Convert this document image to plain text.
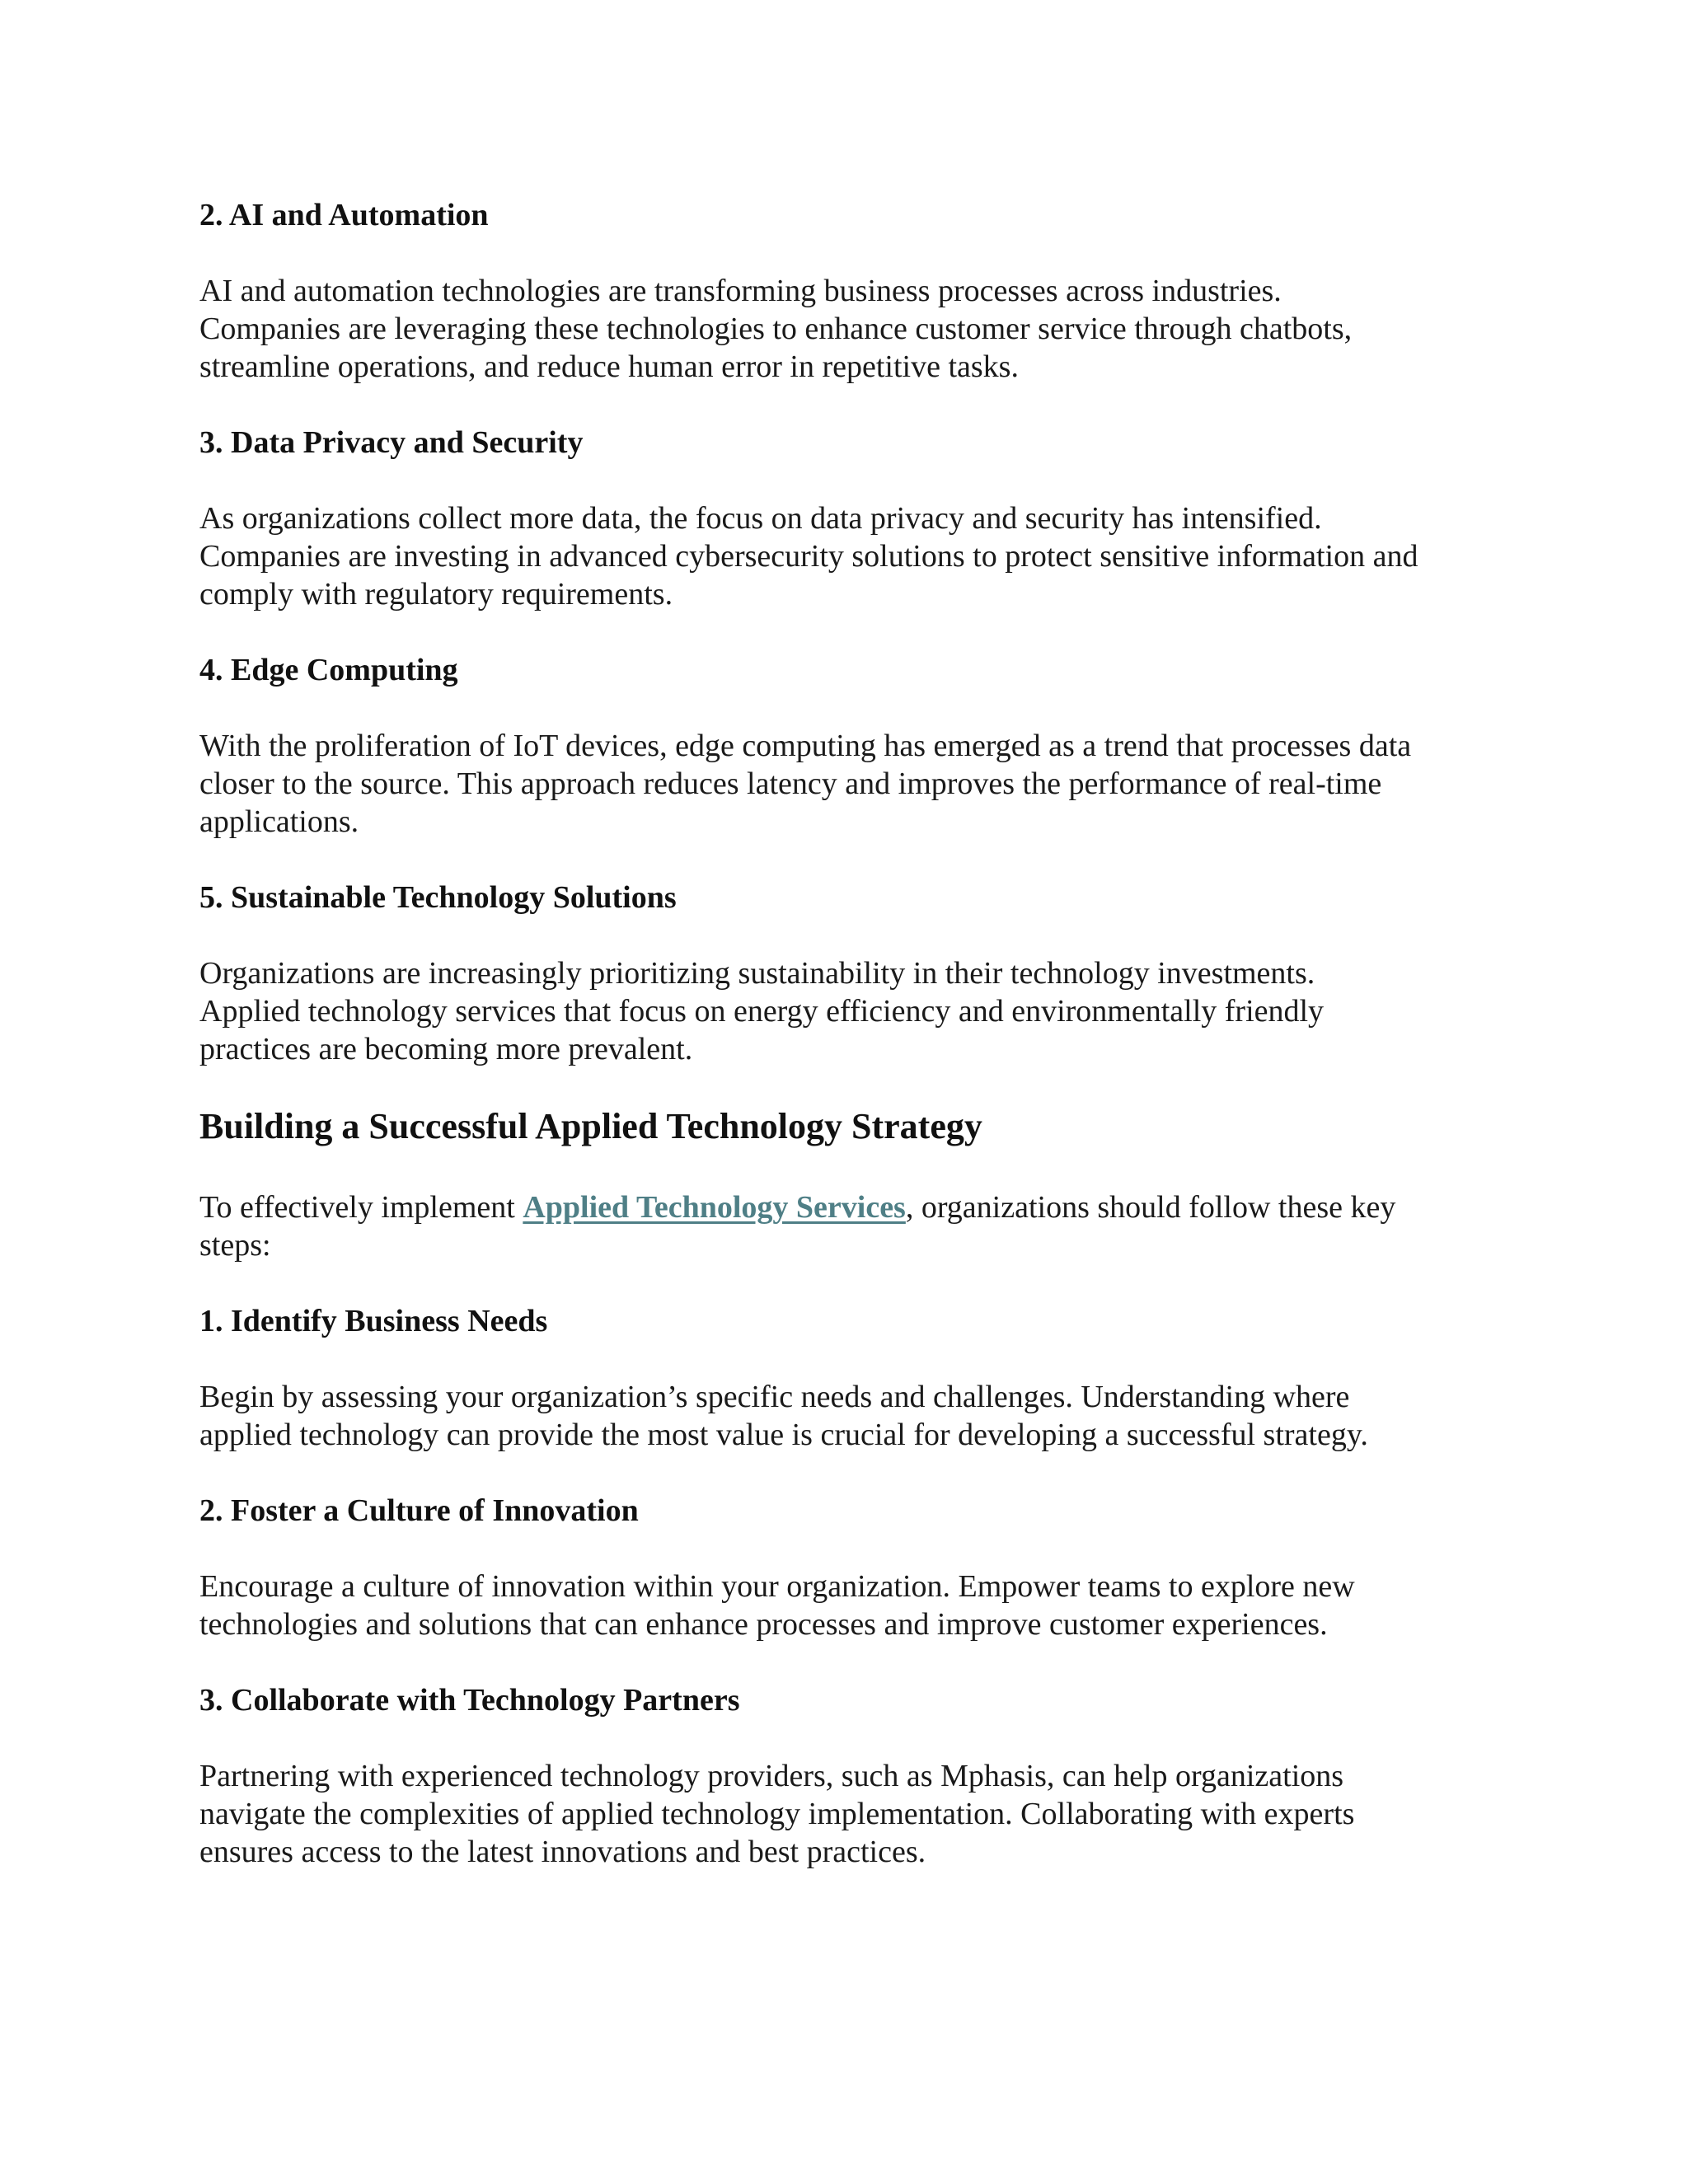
2. AI and Automation

AI and automation technologies are transforming business processes across industries.
Companies are leveraging these technologies to enhance customer service through chatbots,
streamline operations, and reduce human error in repetitive tasks.

3. Data Privacy and Security

As organizations collect more data, the focus on data privacy and security has intensified.
Companies are investing in advanced cybersecurity solutions to protect sensitive information and
comply with regulatory requirements.

4. Edge Computing

With the proliferation of IoT devices, edge computing has emerged as a trend that processes data
closer to the source. This approach reduces latency and improves the performance of real-time
applications.

5. Sustainable Technology Solutions

Organizations are increasingly prioritizing sustainability in their technology investments.
Applied technology services that focus on energy efficiency and environmentally friendly
practices are becoming more prevalent.

Building a Successful Applied Technology Strategy

To effectively implement Applied Technology Services, organizations should follow these key
steps:

1. Identify Business Needs

Begin by assessing your organization’s specific needs and challenges. Understanding where
applied technology can provide the most value is crucial for developing a successful strategy.

2. Foster a Culture of Innovation

Encourage a culture of innovation within your organization. Empower teams to explore new
technologies and solutions that can enhance processes and improve customer experiences.

3. Collaborate with Technology Partners

Partnering with experienced technology providers, such as Mphasis, can help organizations
navigate the complexities of applied technology implementation. Collaborating with experts
ensures access to the latest innovations and best practices.
